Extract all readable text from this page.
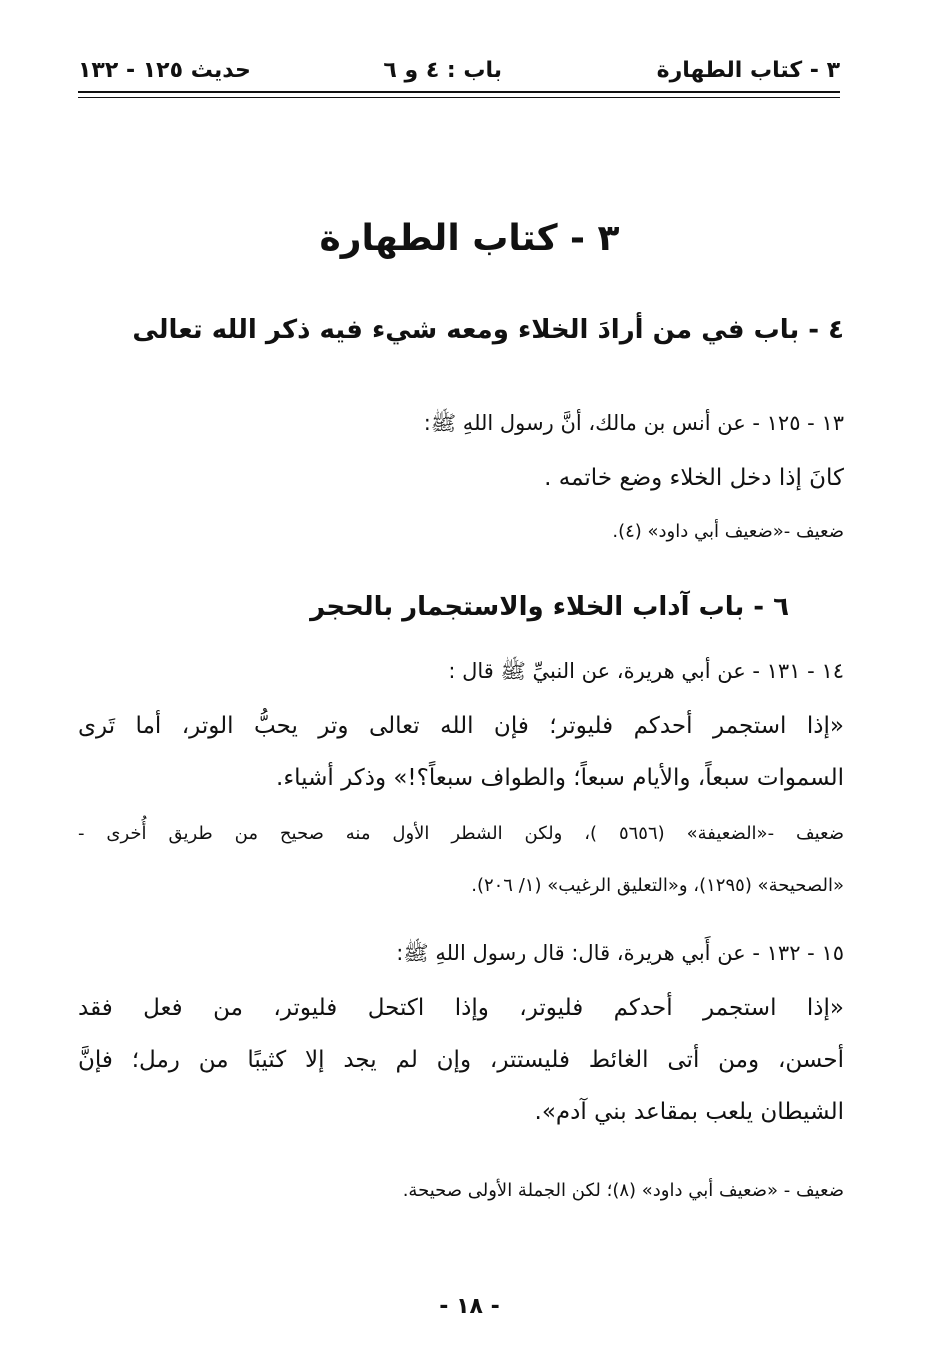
٣ - كتاب الطهارة
باب : ٤ و ٦
حديث ١٢٥ - ١٣٢
٣ - كتاب الطهارة
٤ - باب في من أرادَ الخلاء ومعه شيء فيه ذكر الله تعالى
١٣ - ١٢٥ - عن أنس بن مالك، أنَّ رسول اللهِ ﷺ:
كانَ إذا دخل الخلاء وضع خاتمه .
ضعيف -«ضعيف أبي داود» (٤).
٦ - باب آداب الخلاء والاستجمار بالحجر
١٤ - ١٣١ - عن أبي هريرة، عن النبيِّ ﷺ قال :
«إذا استجمر أحدكم فليوتر؛ فإن الله تعالى وتر يحبُّ الوتر، أما تَرى
السموات سبعاً، والأيام سبعاً؛ والطواف سبعاً؟!» وذكر أشياء.
ضعيف -«الضعيفة» (٥٦٥٦ )، ولكن الشطر الأول منه صحيح من طريق أُخرى -
«الصحيحة» (١٢٩٥)، و«التعليق الرغيب» (١/ ٢٠٦).
١٥ - ١٣٢ - عن أَبي هريرة، قال: قال رسول اللهِ ﷺ:
«إذا استجمر أحدكم فليوتر، وإذا اكتحل فليوتر، من فعل فقد
أحسن، ومن أتى الغائط فليستتر، وإن لم يجد إلا كثيبًا من رمل؛ فإنَّ
الشيطان يلعب بمقاعد بني آدم».
ضعيف - «ضعيف أبي داود» (٨)؛ لكن الجملة الأولى صحيحة.
- ١٨ -
